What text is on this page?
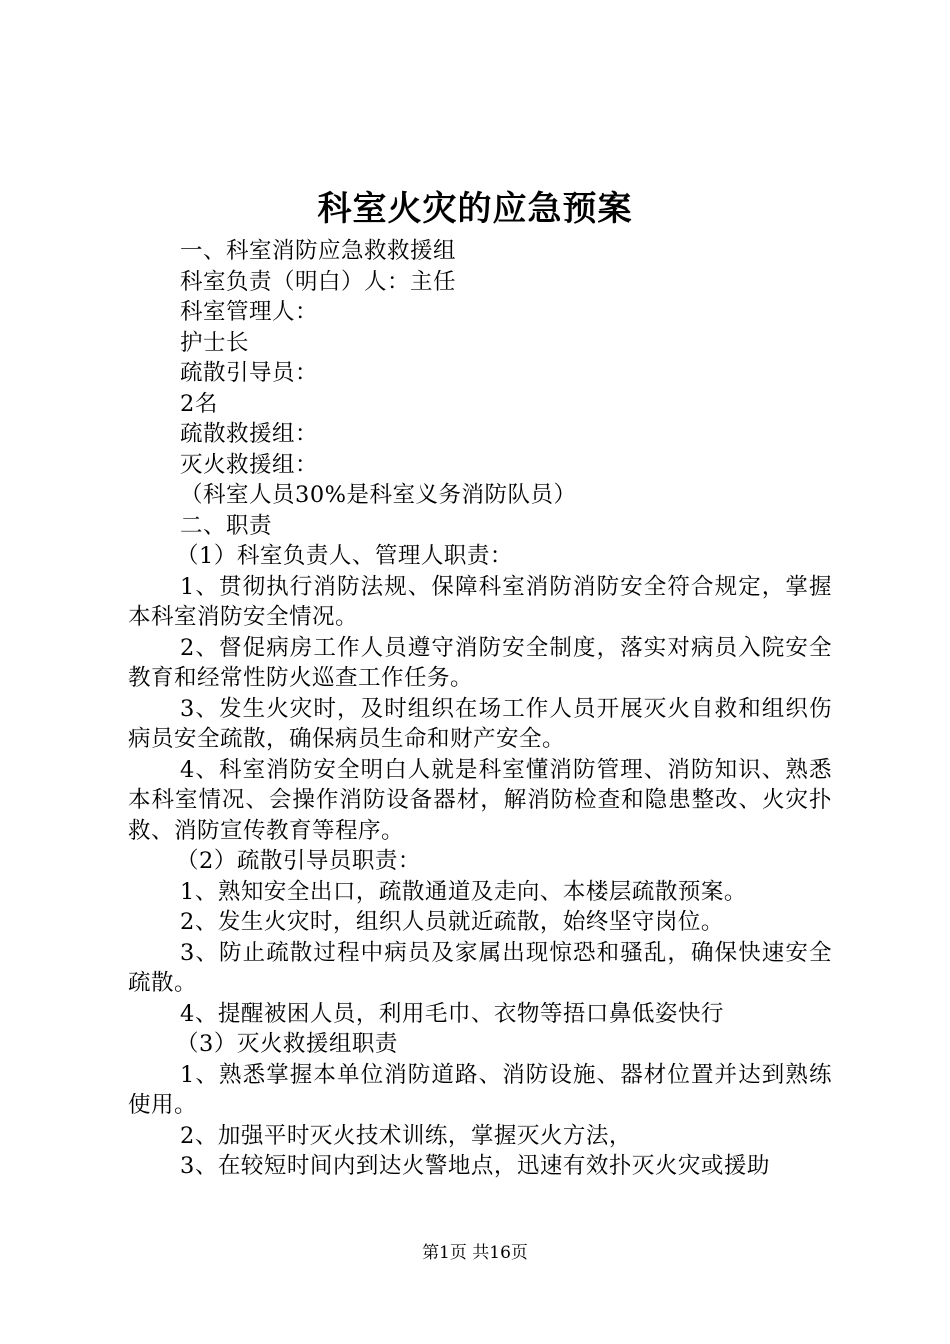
科室火灾的应急预案
一、科室消防应急救救援组
科室负责（明白）人：主任
科室管理人：
护士长
疏散引导员：
2名
疏散救援组：
灭火救援组：
（科室人员30%是科室义务消防队员）
二、职责
（1）科室负责人、管理人职责：
1、贯彻执行消防法规、保障科室消防消防安全符合规定，掌握本科室消防安全情况。
2、督促病房工作人员遵守消防安全制度，落实对病员入院安全教育和经常性防火巡查工作任务。
3、发生火灾时，及时组织在场工作人员开展灭火自救和组织伤病员安全疏散，确保病员生命和财产安全。
4、科室消防安全明白人就是科室懂消防管理、消防知识、熟悉本科室情况、会操作消防设备器材，解消防检查和隐患整改、火灾扑救、消防宣传教育等程序。
（2）疏散引导员职责：
1、熟知安全出口，疏散通道及走向、本楼层疏散预案。
2、发生火灾时，组织人员就近疏散，始终坚守岗位。
3、防止疏散过程中病员及家属出现惊恐和骚乱，确保快速安全疏散。
4、提醒被困人员，利用毛巾、衣物等捂口鼻低姿快行
（3）灭火救援组职责
1、熟悉掌握本单位消防道路、消防设施、器材位置并达到熟练使用。
2、加强平时灭火技术训练，掌握灭火方法，
3、在较短时间内到达火警地点，迅速有效扑灭火灾或援助
第1页 共16页
